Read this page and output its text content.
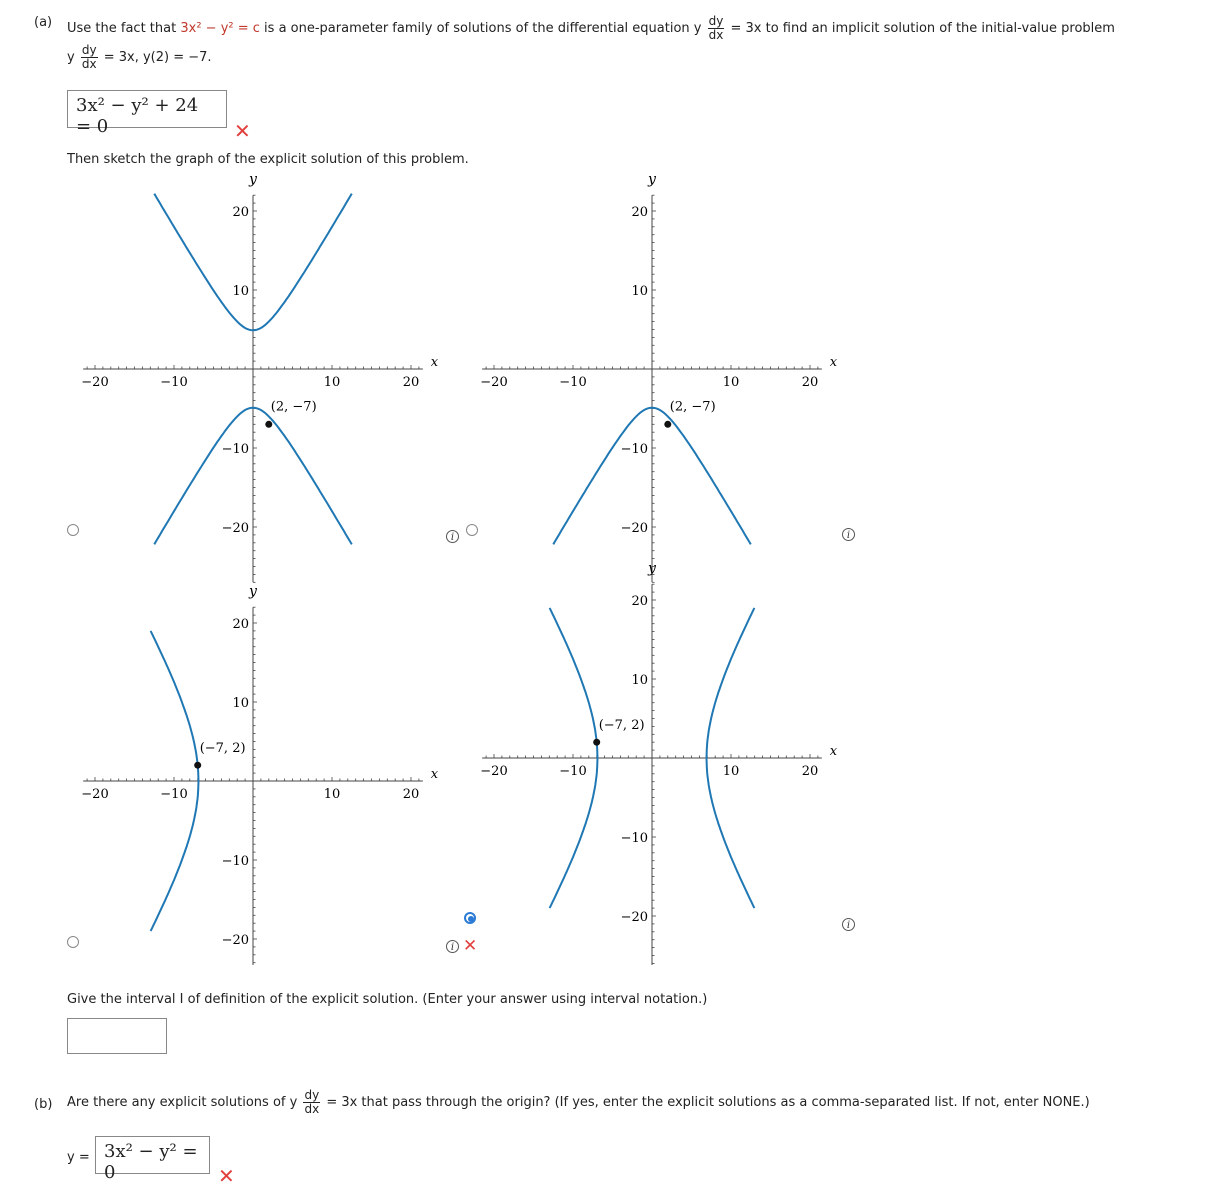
(a) Use the fact that 3x² − y² = c is a one-parameter family of solutions of the differential equation y $\frac{dy}{dx} = 3x$ to find an implicit solution of the initial-value problem
y $\frac{dy}{dx} = 3x$, y(2) = −7.
3x² − y² + 24 = 0	✕
Then sketch the graph of the explicit solution of this problem.
−20
−20
−10
−10
10
10
20
20
x
y
(2, −7)
−20
−20
−10
−10
10
10
20
20
x
y
(2, −7)
−20
−20
−10
−10
10
10
20
20
x
y
(−7, 2)
−20
−20
−10
−10
10
10
20
20
x
y
(−7, 2)
i	i
i ✕
i
Give the interval I of definition of the explicit solution. (Enter your answer using interval notation.)
(b) Are there any explicit solutions of y $\frac{dy}{dx} = 3x$ that pass through the origin? (If yes, enter the explicit solutions as a comma-separated list. If not, enter NONE.)
y = 3x² − y² = 0	✕
